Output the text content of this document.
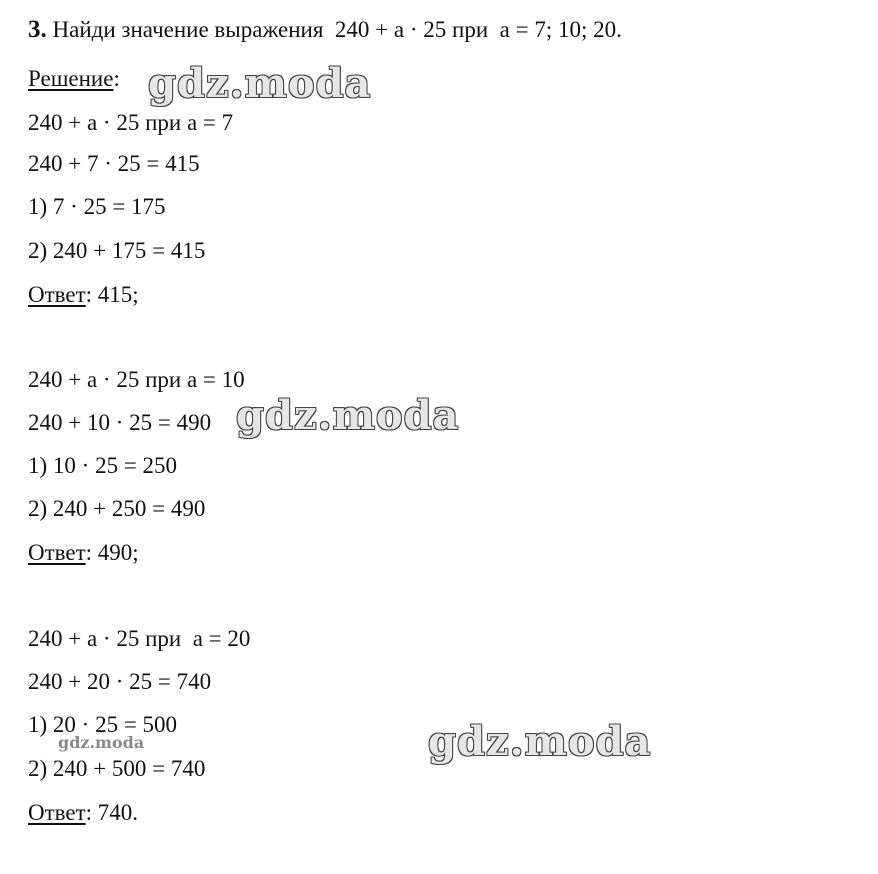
3. Найди значение выражения  240 + a · 25 при  a = 7; 10; 20.
Решение:
240 + a · 25 при a = 7
240 + 7 · 25 = 415
1) 7 · 25 = 175
2) 240 + 175 = 415
Ответ: 415;
240 + a · 25 при a = 10
240 + 10 · 25 = 490
1) 10 · 25 = 250
2) 240 + 250 = 490
Ответ: 490;
240 + a · 25 при  a = 20
240 + 20 · 25 = 740
1) 20 · 25 = 500
2) 240 + 500 = 740
Ответ: 740.
gdz.moda
gdz.moda
gdz.moda
gdz.moda
